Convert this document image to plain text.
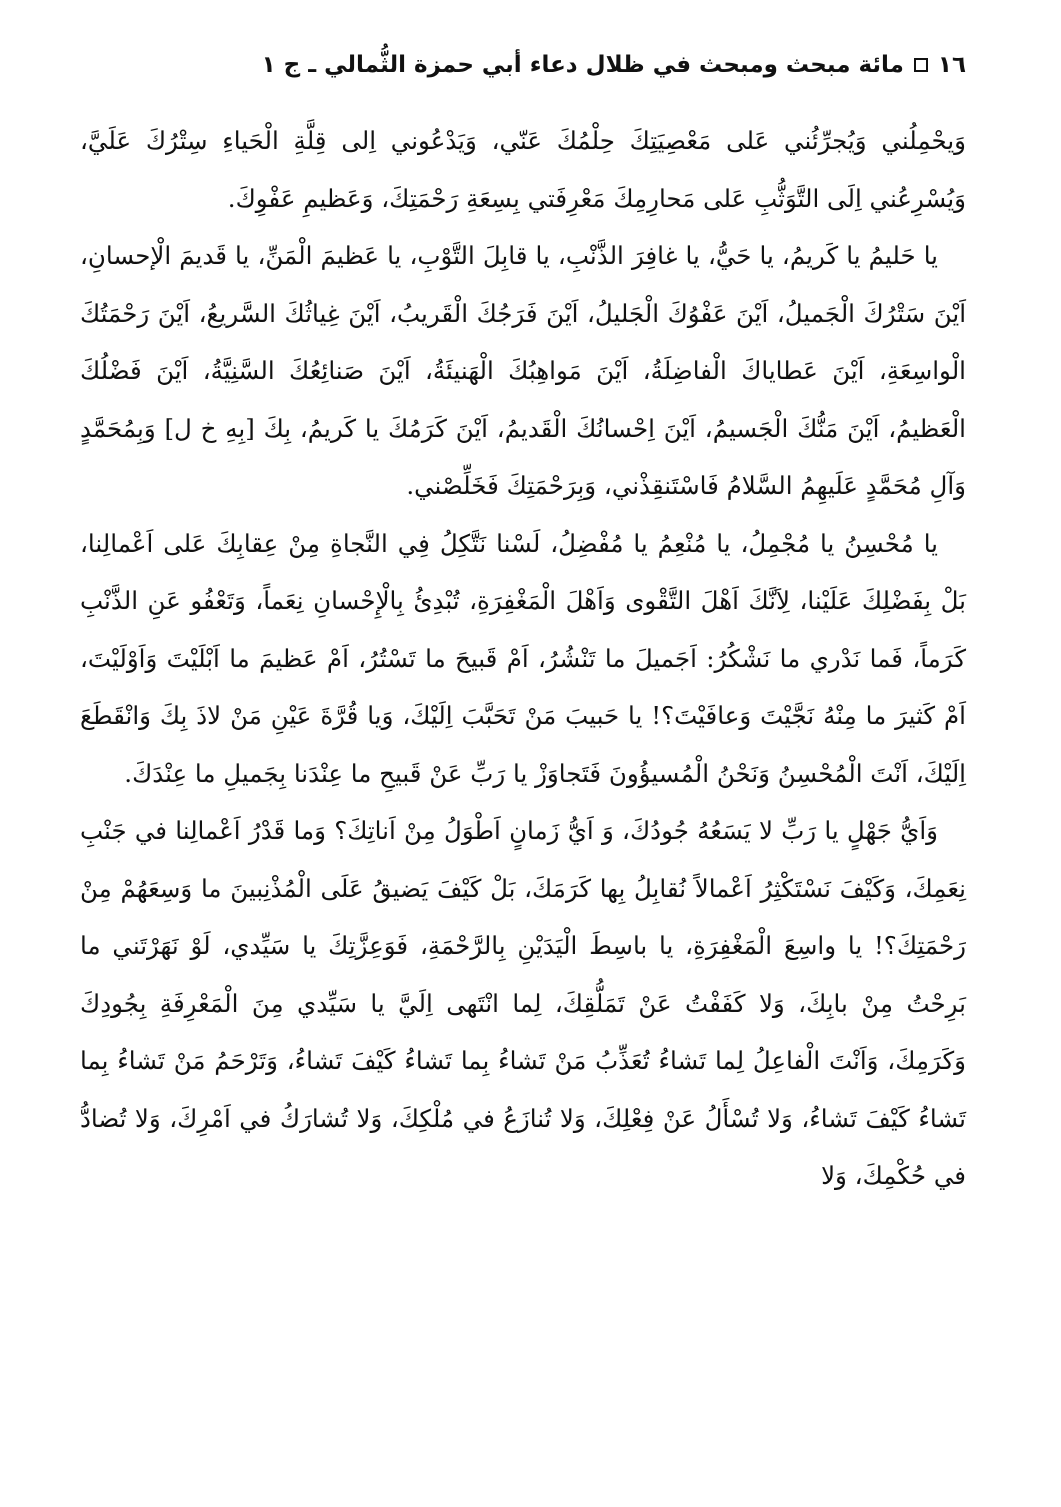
١٦
مائة مبحث ومبحث في ظلال دعاء أبي حمزة الثُّمالي ـ ج ١

وَيحْمِلُني وَيُجرِّئُني عَلى مَعْصِيَتِكَ حِلْمُكَ عَنّي، وَيَدْعُوني اِلى قِلَّةِ الْحَياءِ سِتْرُكَ عَلَيَّ، وَيُسْرِعُني اِلَى التَّوَثُّبِ عَلى مَحارِمِكَ مَعْرِفَتي بِسِعَةِ رَحْمَتِكَ، وَعَظيمِ عَفْوِكَ.

يا حَليمُ يا كَريمُ، يا حَيُّ، يا غافِرَ الذَّنْبِ، يا قابِلَ التَّوْبِ، يا عَظيمَ الْمَنِّ، يا قَديمَ الْإحسانِ، اَيْنَ سَتْرُكَ الْجَميلُ، اَيْنَ عَفْوُكَ الْجَليلُ، اَيْنَ فَرَجُكَ الْقَريبُ، اَيْنَ غِياثُكَ السَّريعُ، اَيْنَ رَحْمَتُكَ الْواسِعَةِ، اَيْنَ عَطاياكَ الْفاضِلَةُ، اَيْنَ مَواهِبُكَ الْهَنيئَةُ، اَيْنَ صَنائِعُكَ السَّنِيَّةُ، اَيْنَ فَضْلُكَ الْعَظيمُ، اَيْنَ مَنُّكَ الْجَسيمُ، اَيْنَ اِحْسانُكَ الْقَديمُ، اَيْنَ كَرَمُكَ يا كَريمُ، بِكَ [بِهِ خ ل] وَبِمُحَمَّدٍ وَآلِ مُحَمَّدٍ عَلَيهِمُ السَّلامُ فَاسْتَنقِذْني، وَبِرَحْمَتِكَ فَخَلِّصْني.

يا مُحْسِنُ يا مُجْمِلُ، يا مُنْعِمُ يا مُفْضِلُ، لَسْنا نَتَّكِلُ فِي النَّجاةِ مِنْ عِقابِكَ عَلى اَعْمالِنا، بَلْ بِفَضْلِكَ عَلَيْنا، لِاَنَّكَ اَهْلَ التَّقْوى وَاَهْلَ الْمَغْفِرَةِ، تُبْدِئُ بِالْإِحْسانِ نِعَماً، وَتَعْفُو عَنِ الذَّنْبِ كَرَماً، فَما نَدْري ما نَشْكُرُ: اَجَميلَ ما تَنْشُرُ، اَمْ قَبيحَ ما تَسْتُرُ، اَمْ عَظيمَ ما اَبْلَيْتَ وَاَوْلَيْتَ، اَمْ كَثيرَ ما مِنْهُ نَجَّيْتَ وَعافَيْتَ؟! يا حَبيبَ مَنْ تَحَبَّبَ اِلَيْكَ، وَيا قُرَّةَ عَيْنِ مَنْ لاذَ بِكَ وَانْقَطَعَ اِلَيْكَ، اَنْتَ الْمُحْسِنُ وَنَحْنُ الْمُسيؤُونَ فَتَجاوَزْ يا رَبِّ عَنْ قَبيحِ ما عِنْدَنا بِجَميلِ ما عِنْدَكَ.

وَاَيُّ جَهْلٍ يا رَبِّ لا يَسَعُهُ جُودُكَ، وَ اَيُّ زَمانٍ اَطْوَلُ مِنْ اَناتِكَ؟ وَما قَدْرُ اَعْمالِنا في جَنْبِ نِعَمِكَ، وَكَيْفَ نَسْتَكْثِرُ اَعْمالاً نُقابِلُ بِها كَرَمَكَ، بَلْ كَيْفَ يَضيقُ عَلَى الْمُذْنِبينَ ما وَسِعَهُمْ مِنْ رَحْمَتِكَ؟! يا واسِعَ الْمَغْفِرَةِ، يا باسِطَ الْيَدَيْنِ بِالرَّحْمَةِ، فَوَعِزَّتِكَ يا سَيِّدي، لَوْ نَهَرْتَني ما بَرِحْتُ مِنْ بابِكَ، وَلا كَفَفْتُ عَنْ تَمَلُّقِكَ، لِما انْتَهى اِلَيَّ يا سَيِّدي مِنَ الْمَعْرِفَةِ بِجُودِكَ وَكَرَمِكَ، وَاَنْتَ الْفاعِلُ لِما تَشاءُ تُعَذِّبُ مَنْ تَشاءُ بِما تَشاءُ كَيْفَ تَشاءُ، وَتَرْحَمُ مَنْ تَشاءُ بِما تَشاءُ كَيْفَ تَشاءُ، وَلا تُسْأَلُ عَنْ فِعْلِكَ، وَلا تُنازَعُ في مُلْكِكَ، وَلا تُشارَكُ في اَمْرِكَ، وَلا تُضادُّ في حُكْمِكَ، وَلا
